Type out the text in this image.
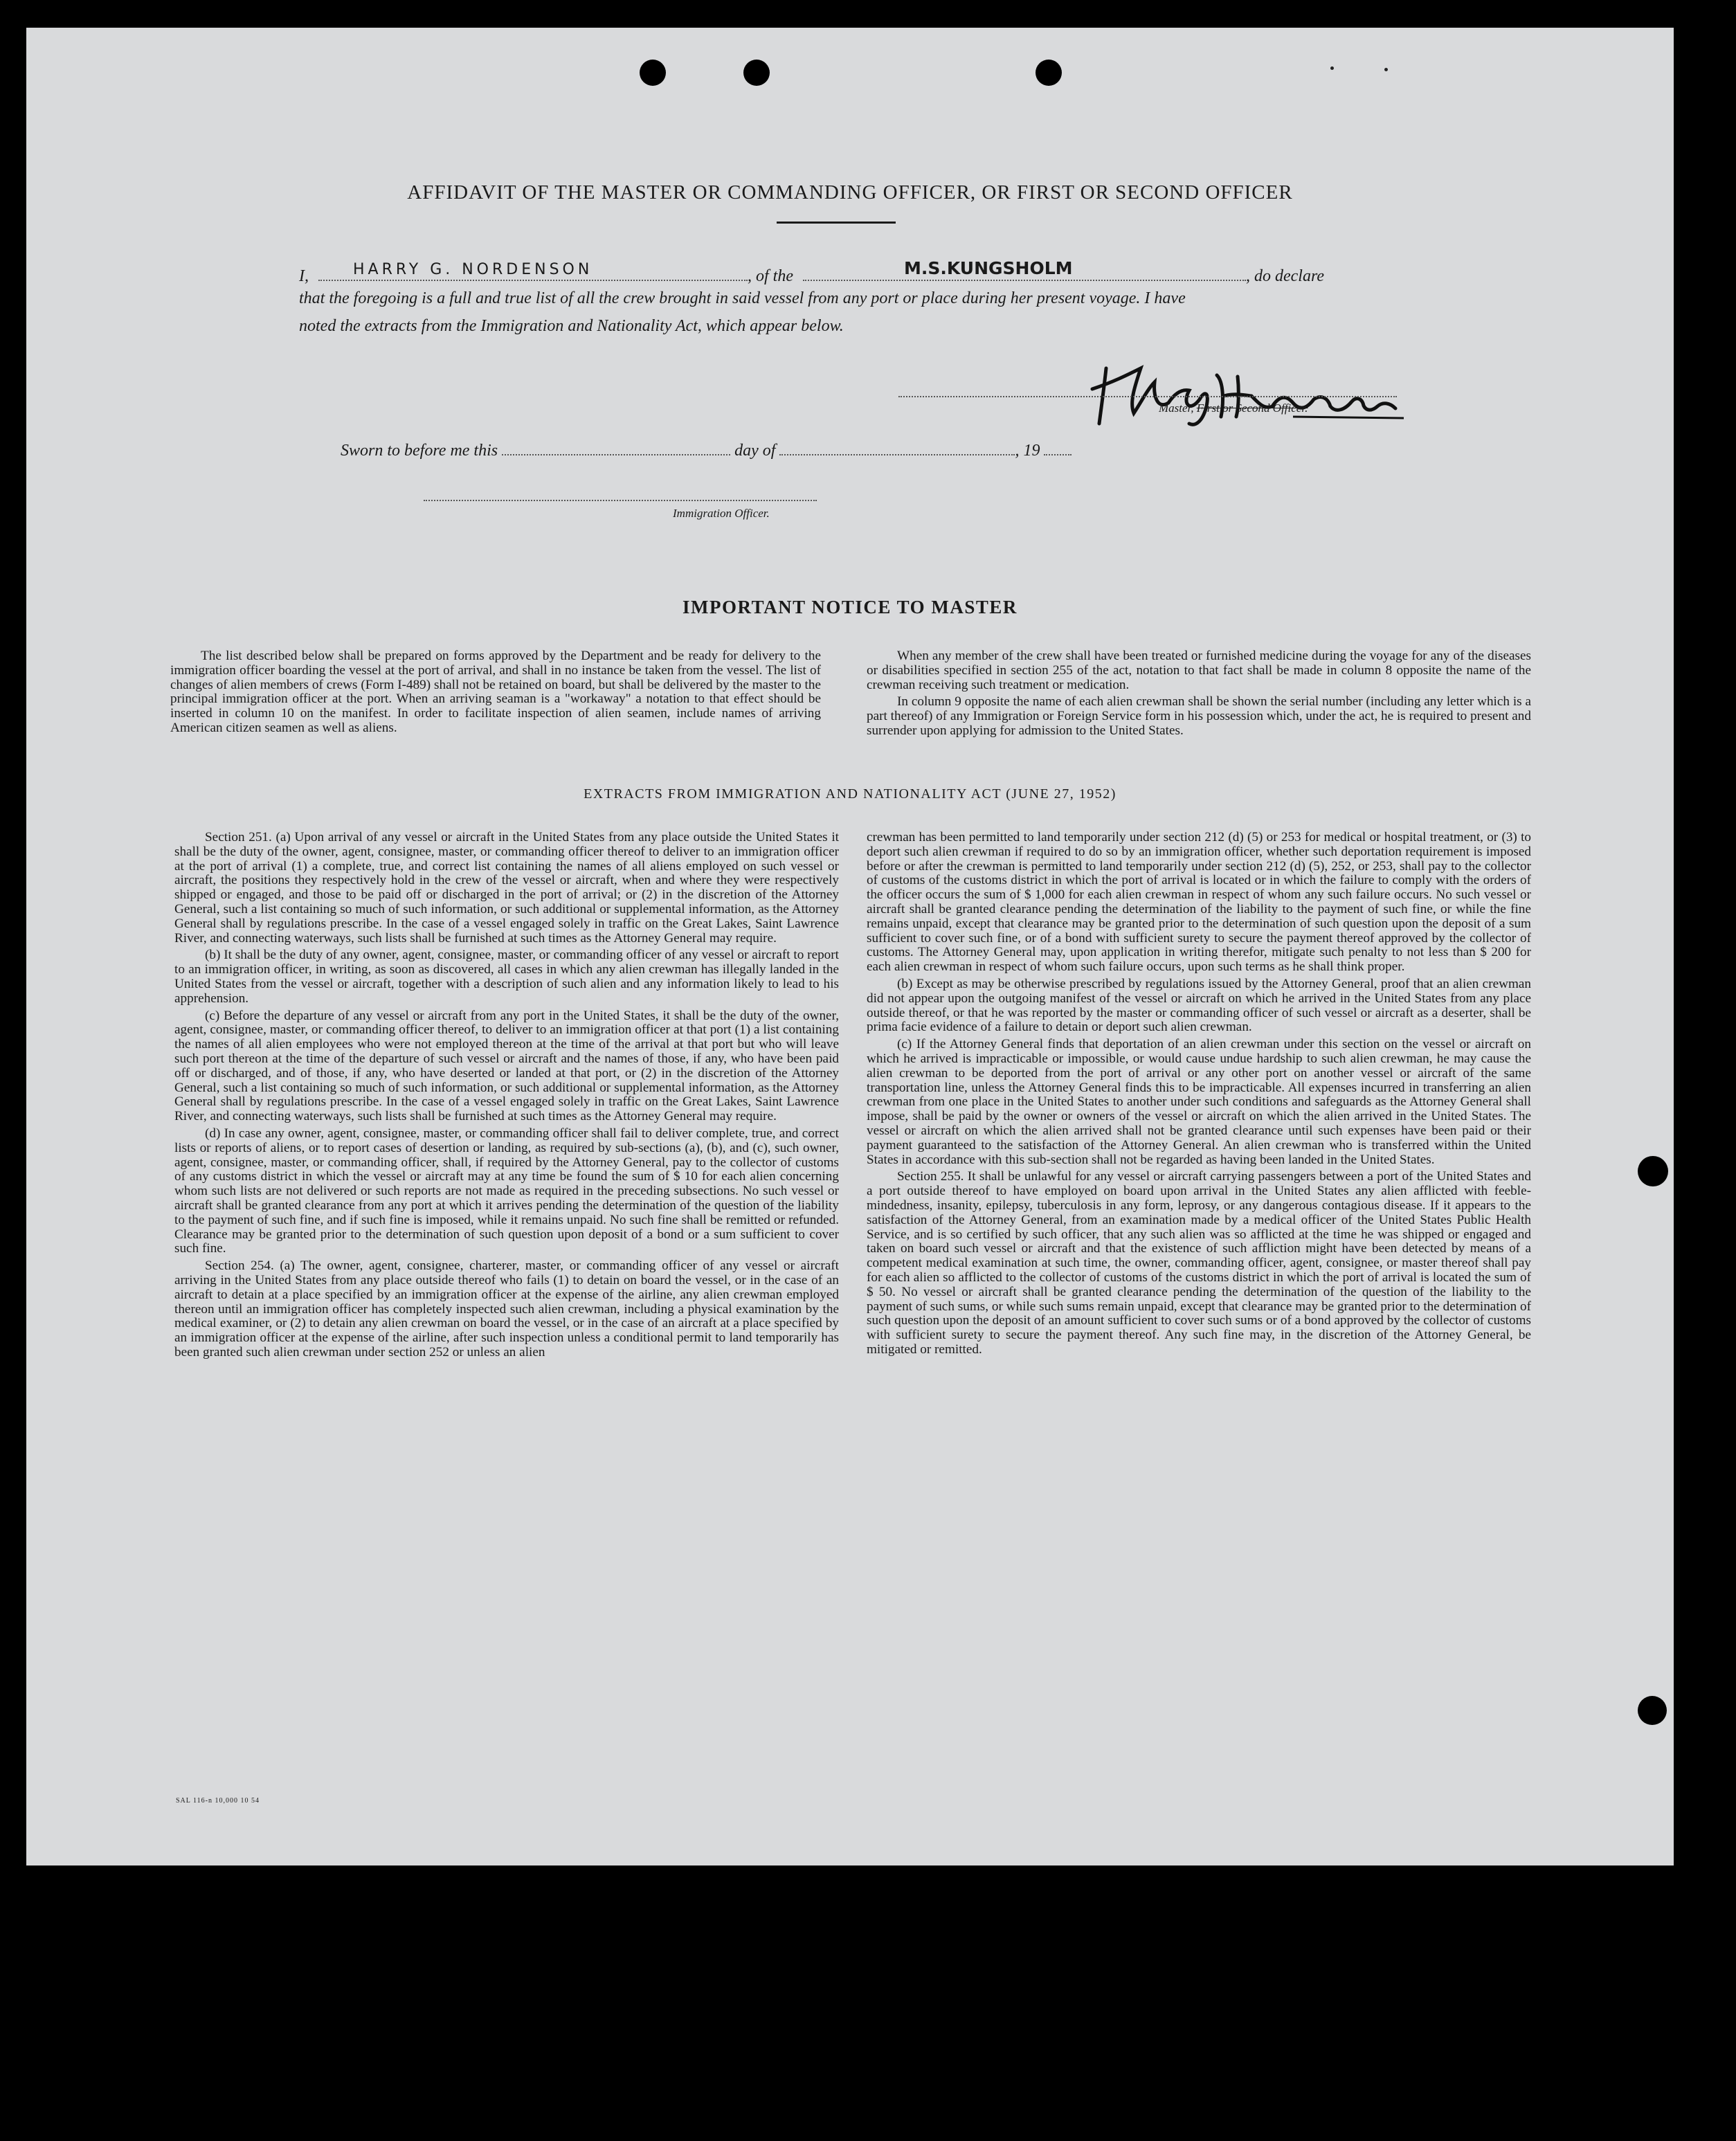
AFFIDAVIT OF THE MASTER OR COMMANDING OFFICER, OR FIRST OR SECOND OFFICER
I,	HARRY G. NORDENSON	, of the	M.S.KUNGSHOLM	, do declare
that the foregoing is a full and true list of all the crew brought in said vessel from any port or place during her present voyage. I have
noted the extracts from the Immigration and Nationality Act, which appear below.
Master, First or Second Officer.
Sworn to before me this	day of	, 19
Immigration Officer.
IMPORTANT NOTICE TO MASTER

The list described below shall be prepared on forms approved by the Department and be ready for delivery to the immigration officer boarding the vessel at the port of arrival, and shall in no instance be taken from the vessel. The list of changes of alien members of crews (Form I-489) shall not be retained on board, but shall be delivered by the master to the principal immigration officer at the port. When an arriving seaman is a "workaway" a notation to that effect should be inserted in column 10 on the manifest. In order to facilitate inspection of alien seamen, include names of arriving American citizen seamen as well as aliens.

When any member of the crew shall have been treated or furnished medicine during the voyage for any of the diseases or disabilities specified in section 255 of the act, notation to that fact shall be made in column 8 opposite the name of the crewman receiving such treatment or medication.

In column 9 opposite the name of each alien crewman shall be shown the serial number (including any letter which is a part thereof) of any Immigration or Foreign Service form in his possession which, under the act, he is required to present and surrender upon applying for admission to the United States.

EXTRACTS FROM IMMIGRATION AND NATIONALITY ACT (JUNE 27, 1952)

Section 251. (a) Upon arrival of any vessel or aircraft in the United States from any place outside the United States it shall be the duty of the owner, agent, consignee, master, or commanding officer thereof to deliver to an immigration officer at the port of arrival (1) a complete, true, and correct list containing the names of all aliens employed on such vessel or aircraft, the positions they respectively hold in the crew of the vessel or aircraft, when and where they were respectively shipped or engaged, and those to be paid off or discharged in the port of arrival; or (2) in the discretion of the Attorney General, such a list containing so much of such information, or such additional or supplemental information, as the Attorney General shall by regulations prescribe. In the case of a vessel engaged solely in traffic on the Great Lakes, Saint Lawrence River, and connecting waterways, such lists shall be furnished at such times as the Attorney General may require.

(b) It shall be the duty of any owner, agent, consignee, master, or commanding officer of any vessel or aircraft to report to an immigration officer, in writing, as soon as discovered, all cases in which any alien crewman has illegally landed in the United States from the vessel or aircraft, together with a description of such alien and any information likely to lead to his apprehension.

(c) Before the departure of any vessel or aircraft from any port in the United States, it shall be the duty of the owner, agent, consignee, master, or commanding officer thereof, to deliver to an immigration officer at that port (1) a list containing the names of all alien employees who were not employed thereon at the time of the arrival at that port but who will leave such port thereon at the time of the departure of such vessel or aircraft and the names of those, if any, who have been paid off or discharged, and of those, if any, who have deserted or landed at that port, or (2) in the discretion of the Attorney General, such a list containing so much of such information, or such additional or supplemental information, as the Attorney General shall by regulations prescribe. In the case of a vessel engaged solely in traffic on the Great Lakes, Saint Lawrence River, and connecting waterways, such lists shall be furnished at such times as the Attorney General may require.

(d) In case any owner, agent, consignee, master, or commanding officer shall fail to deliver complete, true, and correct lists or reports of aliens, or to report cases of desertion or landing, as required by sub-sections (a), (b), and (c), such owner, agent, consignee, master, or commanding officer, shall, if required by the Attorney General, pay to the collector of customs of any customs district in which the vessel or aircraft may at any time be found the sum of $ 10 for each alien concerning whom such lists are not delivered or such reports are not made as required in the preceding subsections. No such vessel or aircraft shall be granted clearance from any port at which it arrives pending the determination of the question of the liability to the payment of such fine, and if such fine is imposed, while it remains unpaid. No such fine shall be remitted or refunded. Clearance may be granted prior to the determination of such question upon deposit of a bond or a sum sufficient to cover such fine.

Section 254. (a) The owner, agent, consignee, charterer, master, or commanding officer of any vessel or aircraft arriving in the United States from any place outside thereof who fails (1) to detain on board the vessel, or in the case of an aircraft to detain at a place specified by an immigration officer at the expense of the airline, any alien crewman employed thereon until an immigration officer has completely inspected such alien crewman, including a physical examination by the medical examiner, or (2) to detain any alien crewman on board the vessel, or in the case of an aircraft at a place specified by an immigration officer at the expense of the airline, after such inspection unless a conditional permit to land temporarily has been granted such alien crewman under section 252 or unless an alien

crewman has been permitted to land temporarily under section 212 (d) (5) or 253 for medical or hospital treatment, or (3) to deport such alien crewman if required to do so by an immigration officer, whether such deportation requirement is imposed before or after the crewman is permitted to land temporarily under section 212 (d) (5), 252, or 253, shall pay to the collector of customs of the customs district in which the port of arrival is located or in which the failure to comply with the orders of the officer occurs the sum of $ 1,000 for each alien crewman in respect of whom any such failure occurs. No such vessel or aircraft shall be granted clearance pending the determination of the liability to the payment of such fine, or while the fine remains unpaid, except that clearance may be granted prior to the determination of such question upon the deposit of a sum sufficient to cover such fine, or of a bond with sufficient surety to secure the payment thereof approved by the collector of customs. The Attorney General may, upon application in writing therefor, mitigate such penalty to not less than $ 200 for each alien crewman in respect of whom such failure occurs, upon such terms as he shall think proper.

(b) Except as may be otherwise prescribed by regulations issued by the Attorney General, proof that an alien crewman did not appear upon the outgoing manifest of the vessel or aircraft on which he arrived in the United States from any place outside thereof, or that he was reported by the master or commanding officer of such vessel or aircraft as a deserter, shall be prima facie evidence of a failure to detain or deport such alien crewman.

(c) If the Attorney General finds that deportation of an alien crewman under this section on the vessel or aircraft on which he arrived is impracticable or impossible, or would cause undue hardship to such alien crewman, he may cause the alien crewman to be deported from the port of arrival or any other port on another vessel or aircraft of the same transportation line, unless the Attorney General finds this to be impracticable. All expenses incurred in transferring an alien crewman from one place in the United States to another under such conditions and safeguards as the Attorney General shall impose, shall be paid by the owner or owners of the vessel or aircraft on which the alien arrived in the United States. The vessel or aircraft on which the alien arrived shall not be granted clearance until such expenses have been paid or their payment guaranteed to the satisfaction of the Attorney General. An alien crewman who is transferred within the United States in accordance with this sub-section shall not be regarded as having been landed in the United States.

Section 255. It shall be unlawful for any vessel or aircraft carrying passengers between a port of the United States and a port outside thereof to have employed on board upon arrival in the United States any alien afflicted with feeble-mindedness, insanity, epilepsy, tuberculosis in any form, leprosy, or any dangerous contagious disease. If it appears to the satisfaction of the Attorney General, from an examination made by a medical officer of the United States Public Health Service, and is so certified by such officer, that any such alien was so afflicted at the time he was shipped or engaged and taken on board such vessel or aircraft and that the existence of such affliction might have been detected by means of a competent medical examination at such time, the owner, commanding officer, agent, consignee, or master thereof shall pay for each alien so afflicted to the collector of customs of the customs district in which the port of arrival is located the sum of $ 50. No vessel or aircraft shall be granted clearance pending the determination of the question of the liability to the payment of such sums, or while such sums remain unpaid, except that clearance may be granted prior to the determination of such question upon the deposit of an amount sufficient to cover such sums or of a bond approved by the collector of customs with sufficient surety to secure the payment thereof. Any such fine may, in the discretion of the Attorney General, be mitigated or remitted.

SAL 116-n 10,000 10 54
